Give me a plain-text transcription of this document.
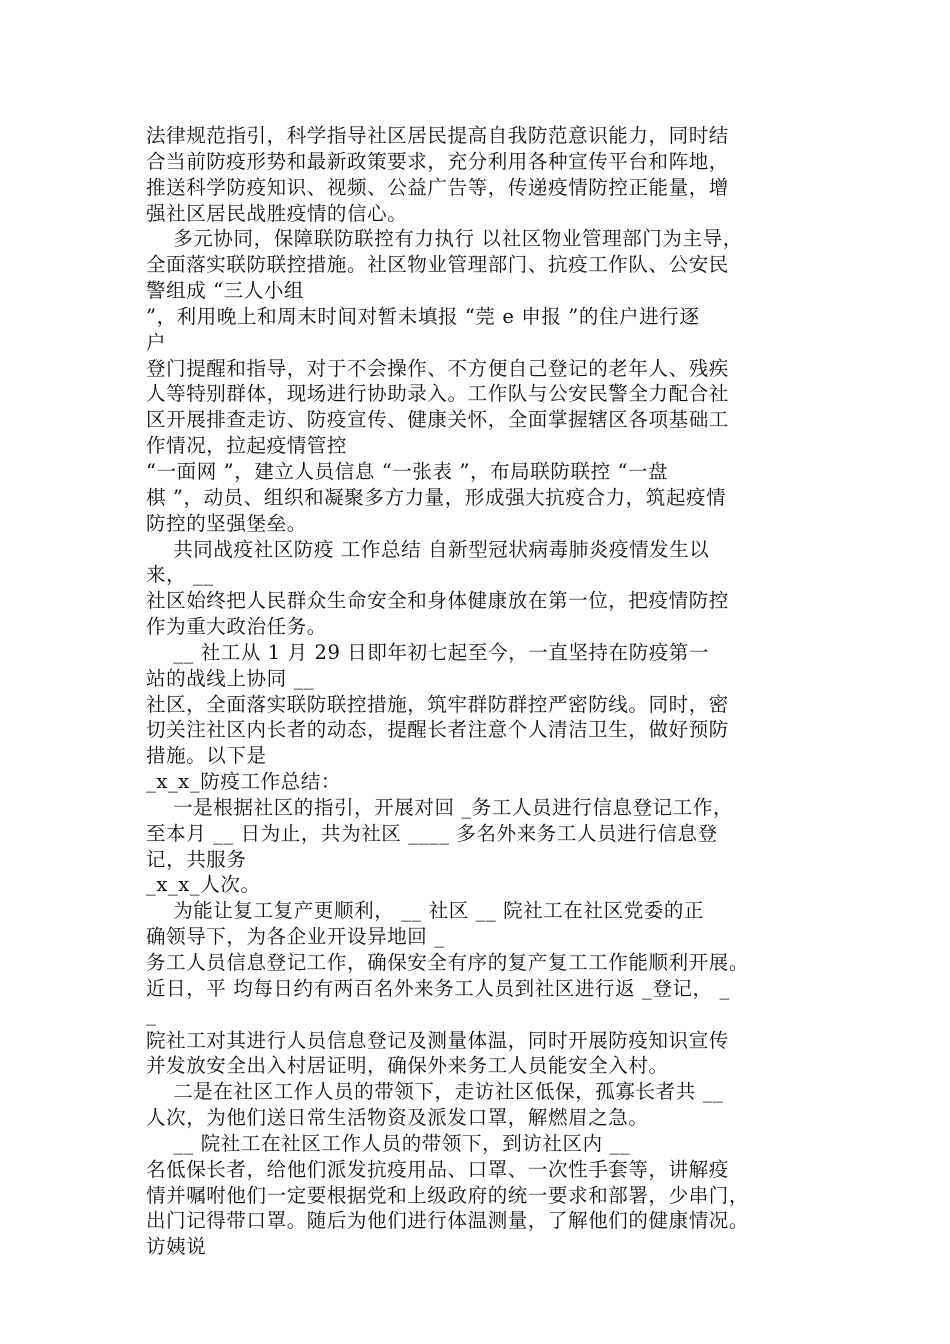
法律规范指引，科学指导社区居民提高自我防范意识能力，同时结
合当前防疫形势和最新政策要求，充分利用各种宣传平台和阵地，
推送科学防疫知识、视频、公益广告等，传递疫情防控正能量，增
强社区居民战胜疫情的信心。
多元协同，保障联防联控有力执行 以社区物业管理部门为主导，
全面落实联防联控措施。社区物业管理部门、抗疫工作队、公安民
警组成 “三人小组
”，利用晚上和周末时间对暂未填报 “莞 e 申报 ”的住户进行逐
户
登门提醒和指导，对于不会操作、不方便自己登记的老年人、残疾
人等特别群体，现场进行协助录入。工作队与公安民警全力配合社
区开展排查走访、防疫宣传、健康关怀，全面掌握辖区各项基础工
作情况，拉起疫情管控
“一面网 ”，建立人员信息 “一张表 ”，布局联防联控 “一盘
棋 ”，动员、组织和凝聚多方力量，形成强大抗疫合力，筑起疫情
防控的坚强堡垒。
共同战疫社区防疫 工作总结 自新型冠状病毒肺炎疫情发生以
来， __
社区始终把人民群众生命安全和身体健康放在第一位，把疫情防控
作为重大政治任务。
__ 社工从 1 月 29 日即年初七起至今，一直坚持在防疫第一
站的战线上协同 __
社区，全面落实联防联控措施，筑牢群防群控严密防线。同时，密
切关注社区内长者的动态，提醒长者注意个人清洁卫生，做好预防
措施。以下是
_x_x_防疫工作总结：
一是根据社区的指引，开展对回 _务工人员进行信息登记工作，
至本月 __ 日为止，共为社区 ____ 多名外来务工人员进行信息登
记，共服务
_x_x_人次。
为能让复工复产更顺利， __ 社区 __ 院社工在社区党委的正
确领导下，为各企业开设异地回 _
务工人员信息登记工作，确保安全有序的复产复工工作能顺利开展。
近日，平 均每日约有两百名外来务工人员到社区进行返 _登记， _
_
院社工对其进行人员信息登记及测量体温，同时开展防疫知识宣传
并发放安全出入村居证明，确保外来务工人员能安全入村。
二是在社区工作人员的带领下，走访社区低保，孤寡长者共 __
人次，为他们送日常生活物资及派发口罩，解燃眉之急。
__ 院社工在社区工作人员的带领下，到访社区内 __
名低保长者，给他们派发抗疫用品、口罩、一次性手套等，讲解疫
情并嘱咐他们一定要根据党和上级政府的统一要求和部署，少串门，
出门记得带口罩。随后为他们进行体温测量，了解他们的健康情况。
访姨说
